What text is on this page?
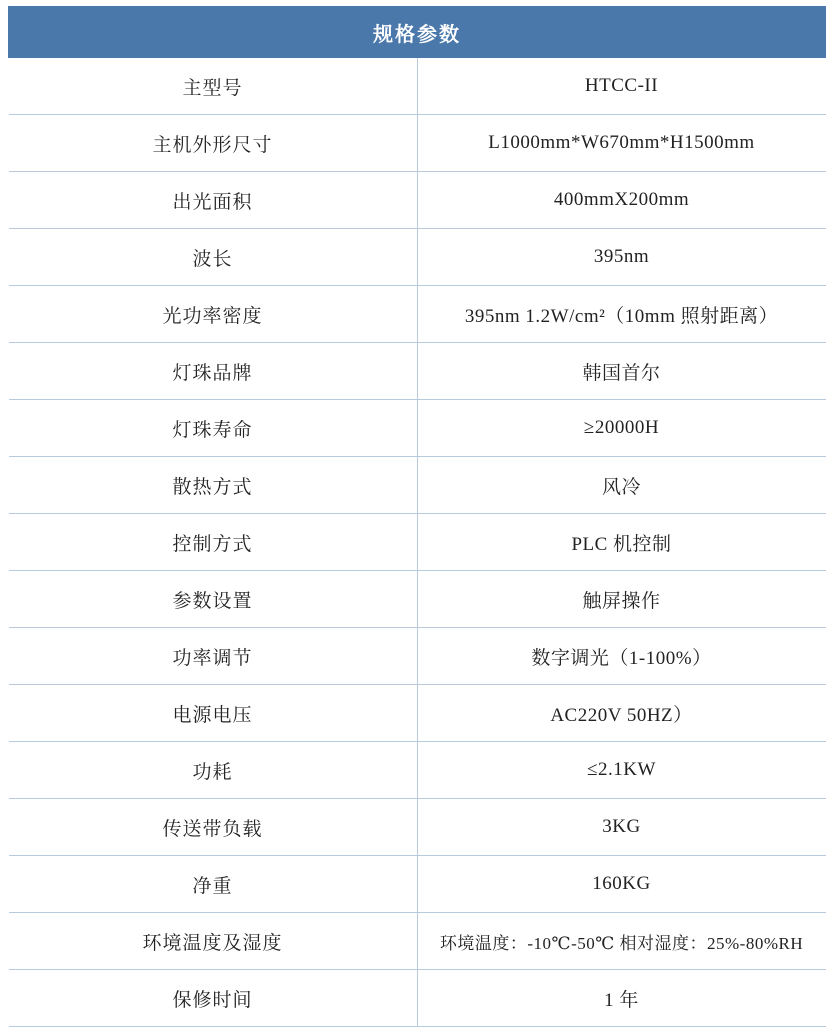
规格参数	
主型号	HTCC-II
主机外形尺寸	L1000mm*W670mm*H1500mm
出光面积	400mmX200mm
波长	395nm
光功率密度	395nm 1.2W/cm²（10mm 照射距离）
灯珠品牌	韩国首尔
灯珠寿命	≥20000H
散热方式	风冷
控制方式	PLC 机控制
参数设置	触屏操作
功率调节	数字调光（1-100%）
电源电压	AC220V 50HZ）
功耗	≤2.1KW
传送带负载	3KG
净重	160KG
环境温度及湿度	环境温度：-10℃-50℃ 相对湿度：25%-80%RH
保修时间	1 年
